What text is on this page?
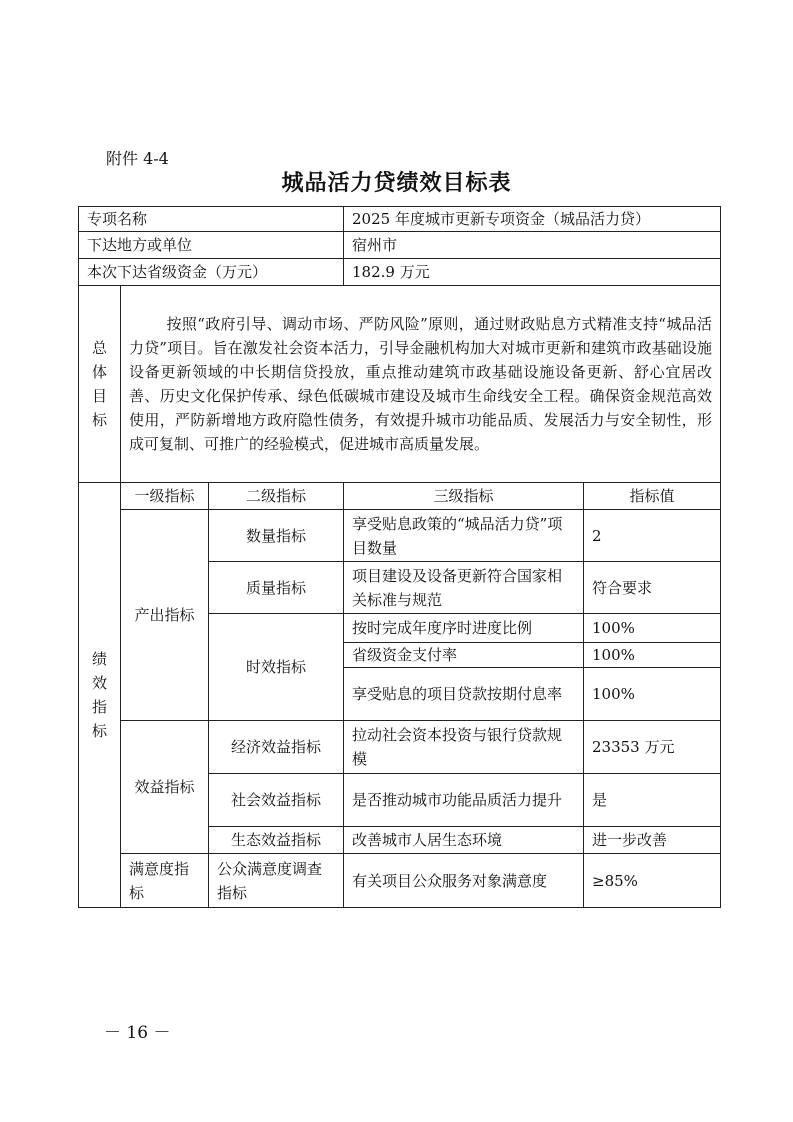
附件 4-4
城品活力贷绩效目标表
专项名称			2025 年度城市更新专项资金（城品活力贷）	
下达地方或单位			宿州市	
本次下达省级资金（万元）			182.9 万元	
总体目标	按照“政府引导、调动市场、严防风险”原则，通过财政贴息方式精准支持“城品活力贷”项目。旨在激发社会资本活力，引导金融机构加大对城市更新和建筑市政基础设施设备更新领域的中长期信贷投放，重点推动建筑市政基础设施设备更新、舒心宜居改善、历史文化保护传承、绿色低碳城市建设及城市生命线安全工程。确保资金规范高效使用，严防新增地方政府隐性债务，有效提升城市功能品质、发展活力与安全韧性，形成可复制、可推广的经验模式，促进城市高质量发展。			
绩效指标	一级指标	二级指标	三级指标	指标值
	产出指标	数量指标	享受贴息政策的“城品活力贷”项目数量	2
		质量指标	项目建设及设备更新符合国家相关标准与规范	符合要求
		时效指标	按时完成年度序时进度比例	100%
			省级资金支付率	100%
			享受贴息的项目贷款按期付息率	100%
	效益指标	经济效益指标	拉动社会资本投资与银行贷款规模	23353 万元
		社会效益指标	是否推动城市功能品质活力提升	是
		生态效益指标	改善城市人居生态环境	进一步改善
	满意度指标	公众满意度调查指标	有关项目公众服务对象满意度	≥85%
－ 16 －
